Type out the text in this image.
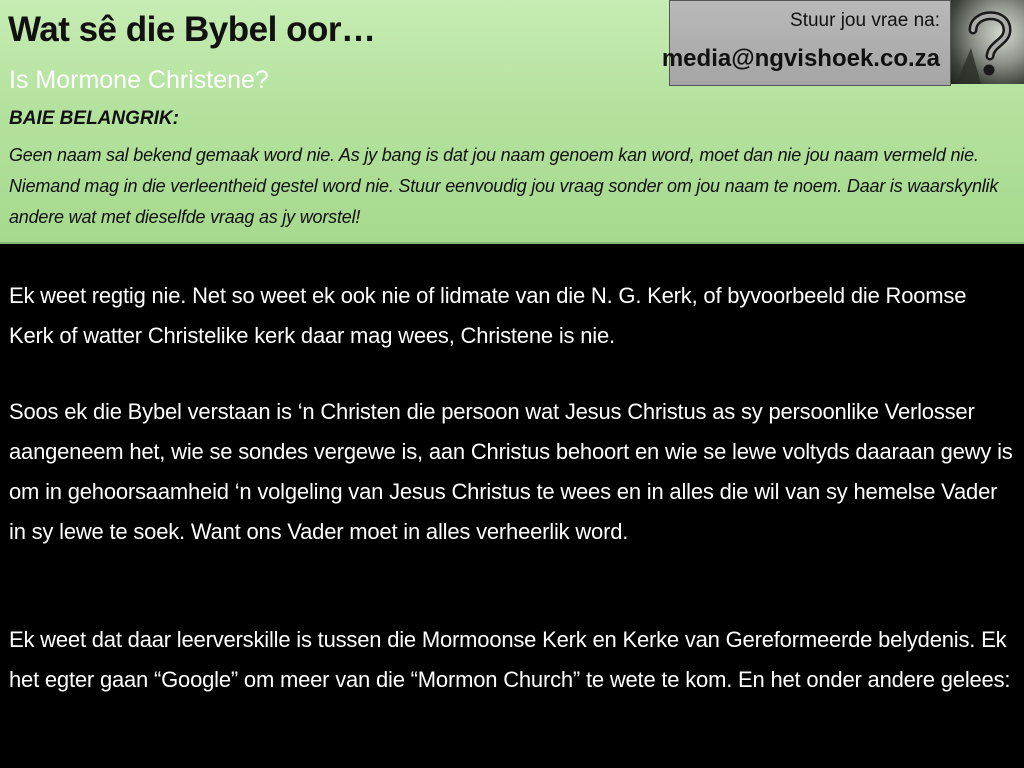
Wat sê die Bybel oor…
Is Mormone Christene?
BAIE BELANGRIK:

Geen naam sal bekend gemaak word nie. As jy bang is dat jou naam genoem kan word, moet dan nie jou naam vermeld nie. Niemand mag in die verleentheid gestel word nie. Stuur eenvoudig jou vraag sonder om jou naam te noem. Daar is waarskynlik andere wat met dieselfde vraag as jy worstel!

Stuur jou vrae na:
media@ngvishoek.co.za

Ek weet regtig nie. Net so weet ek ook nie of lidmate van die N. G. Kerk, of byvoorbeeld die Roomse Kerk of watter Christelike kerk daar mag wees, Christene is nie.

Soos ek die Bybel verstaan is ‘n Christen die persoon wat Jesus Christus as sy persoonlike Verlosser aangeneem het, wie se sondes vergewe is, aan Christus behoort en wie se lewe voltyds daaraan gewy is om in gehoorsaamheid ‘n volgeling van Jesus Christus te wees en in alles die wil van sy hemelse Vader in sy lewe te soek. Want ons Vader moet in alles verheerlik word.

Ek weet dat daar leerverskille is tussen die Mormoonse Kerk en Kerke van Gereformeerde belydenis. Ek het egter gaan “Google” om meer van die “Mormon Church” te wete te kom. En het onder andere gelees:
